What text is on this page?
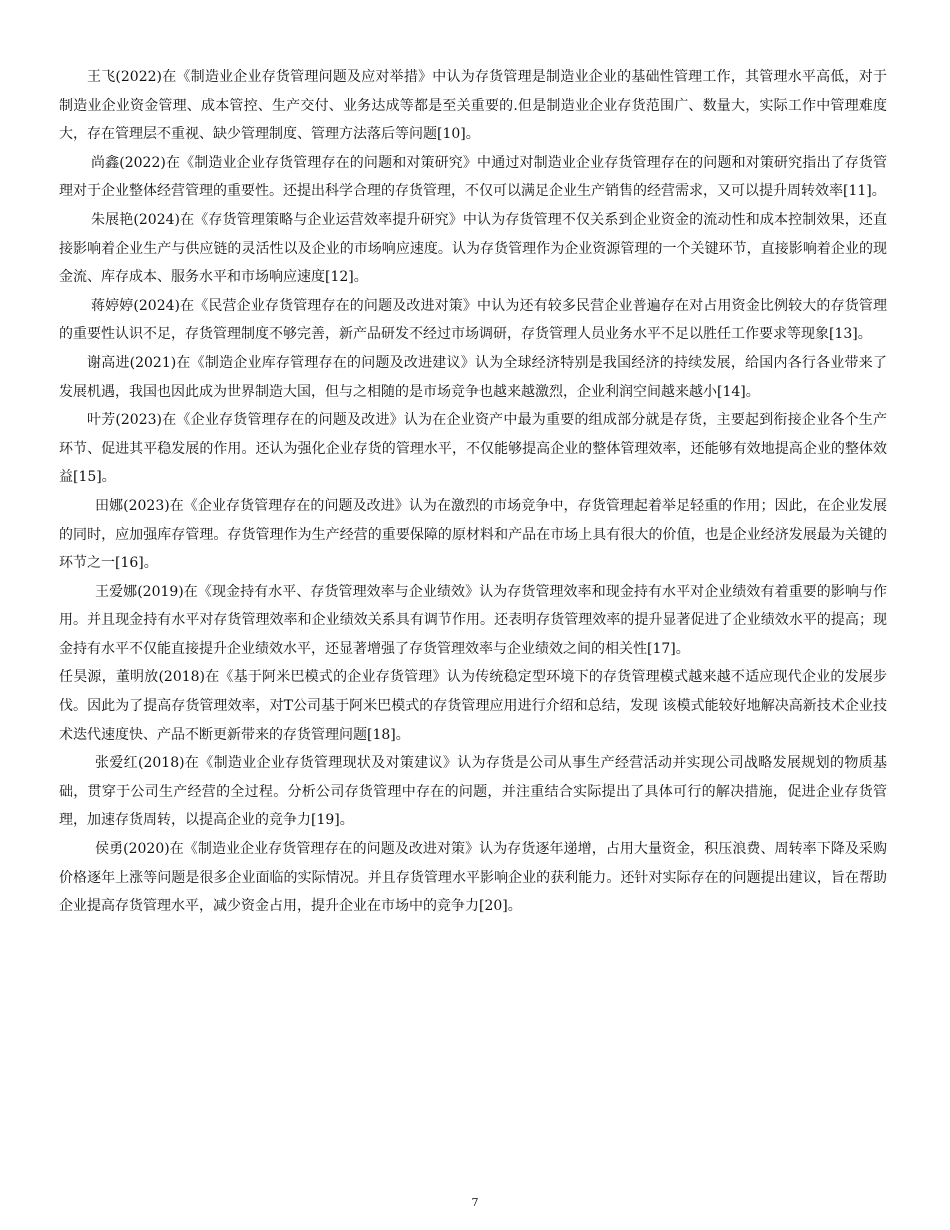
王飞(2022)在《制造业企业存货管理问题及应对举措》中认为存货管理是制造业企业的基础性管理工作，其管理水平高低，对于制造业企业资金管理、成本管控、生产交付、业务达成等都是至关重要的.但是制造业企业存货范围广、数量大，实际工作中管理难度大，存在管理层不重视、缺少管理制度、管理方法落后等问题[10]。

尚鑫(2022)在《制造业企业存货管理存在的问题和对策研究》中通过对制造业企业存货管理存在的问题和对策研究指出了存货管理对于企业整体经营管理的重要性。还提出科学合理的存货管理，不仅可以满足企业生产销售的经营需求，又可以提升周转效率[11]。

朱展艳(2024)在《存货管理策略与企业运营效率提升研究》中认为存货管理不仅关系到企业资金的流动性和成本控制效果，还直接影响着企业生产与供应链的灵活性以及企业的市场响应速度。认为存货管理作为企业资源管理的一个关键环节，直接影响着企业的现金流、库存成本、服务水平和市场响应速度[12]。

蒋婷婷(2024)在《民营企业存货管理存在的问题及改进对策》中认为还有较多民营企业普遍存在对占用资金比例较大的存货管理的重要性认识不足，存货管理制度不够完善，新产品研发不经过市场调研，存货管理人员业务水平不足以胜任工作要求等现象[13]。

谢高进(2021)在《制造企业库存管理存在的问题及改进建议》认为全球经济特别是我国经济的持续发展，给国内各行各业带来了发展机遇，我国也因此成为世界制造大国，但与之相随的是市场竞争也越来越激烈，企业利润空间越来越小[14]。

叶芳(2023)在《企业存货管理存在的问题及改进》认为在企业资产中最为重要的组成部分就是存货，主要起到衔接企业各个生产环节、促进其平稳发展的作用。还认为强化企业存货的管理水平，不仅能够提高企业的整体管理效率，还能够有效地提高企业的整体效益[15]。

田娜(2023)在《企业存货管理存在的问题及改进》认为在激烈的市场竞争中，存货管理起着举足轻重的作用；因此，在企业发展的同时，应加强库存管理。存货管理作为生产经营的重要保障的原材料和产品在市场上具有很大的价值，也是企业经济发展最为关键的环节之一[16]。

王爱娜(2019)在《现金持有水平、存货管理效率与企业绩效》认为存货管理效率和现金持有水平对企业绩效有着重要的影响与作用。并且现金持有水平对存货管理效率和企业绩效关系具有调节作用。还表明存货管理效率的提升显著促进了企业绩效水平的提高；现金持有水平不仅能直接提升企业绩效水平，还显著增强了存货管理效率与企业绩效之间的相关性[17]。

任昊源，董明放(2018)在《基于阿米巴模式的企业存货管理》认为传统稳定型环境下的存货管理模式越来越不适应现代企业的发展步伐。因此为了提高存货管理效率，对T公司基于阿米巴模式的存货管理应用进行介绍和总结，发现 该模式能较好地解决高新技术企业技术迭代速度快、产品不断更新带来的存货管理问题[18]。

张爱红(2018)在《制造业企业存货管理现状及对策建议》认为存货是公司从事生产经营活动并实现公司战略发展规划的物质基础，贯穿于公司生产经营的全过程。分析公司存货管理中存在的问题，并注重结合实际提出了具体可行的解决措施，促进企业存货管理，加速存货周转，以提高企业的竞争力[19]。

侯勇(2020)在《制造业企业存货管理存在的问题及改进对策》认为存货逐年递增，占用大量资金，积压浪费、周转率下降及采购价格逐年上涨等问题是很多企业面临的实际情况。并且存货管理水平影响企业的获利能力。还针对实际存在的问题提出建议，旨在帮助企业提高存货管理水平，减少资金占用，提升企业在市场中的竞争力[20]。

7
